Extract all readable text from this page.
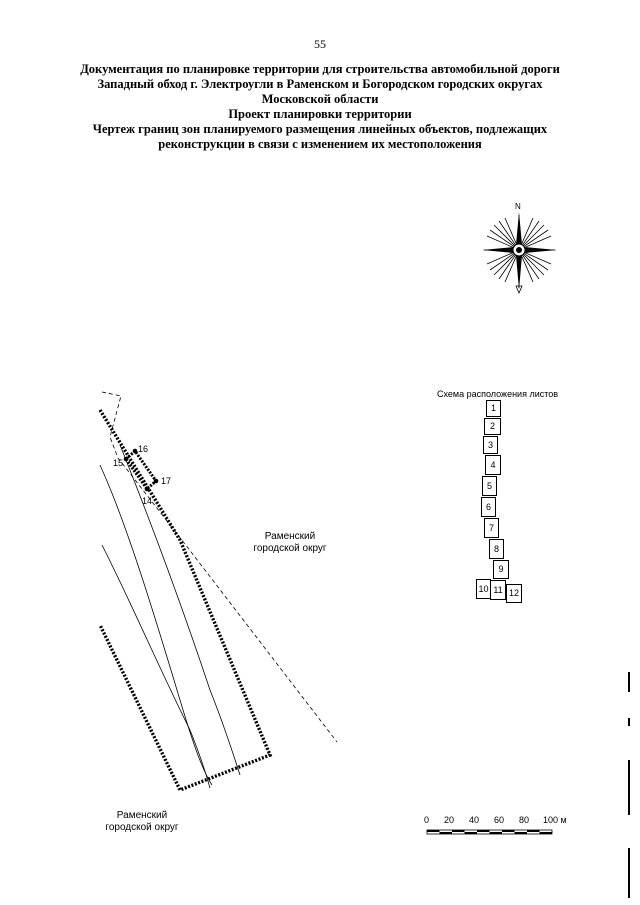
55
Документация по планировке территории для строительства автомобильной дороги
Западный обход г. Электроугли в Раменском и Богородском городских округах
Московской области
Проект планировки территории
Чертеж границ зон планируемого размещения линейных объектов, подлежащих
реконструкции в связи с изменением их местоположения
N
15
16
17
14
Раменский
городской округ
Раменский
городской округ
Схема расположения листов
1
2
3
4
5
6
7
8
9
10 11 12
0 20 40 60 80 100 м
